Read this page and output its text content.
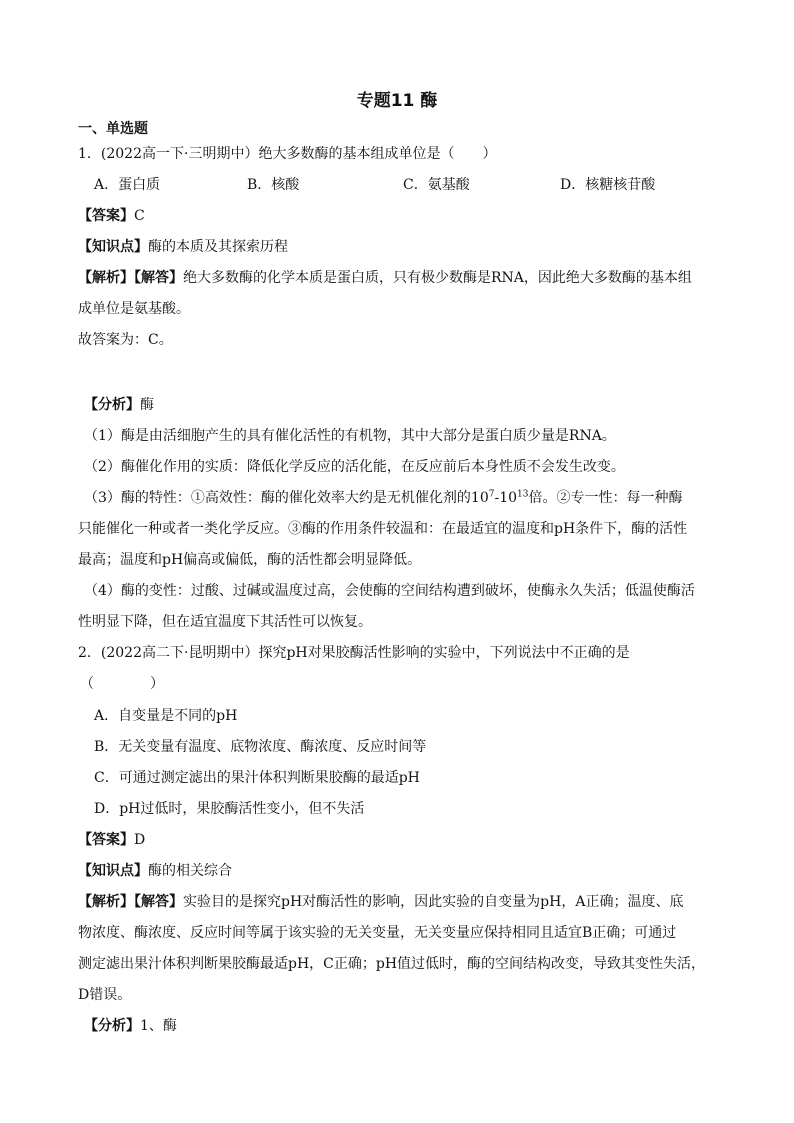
专题11 酶
一、单选题
1．(2022高一下·三明期中）绝大多数酶的基本组成单位是（　　）
A．蛋白质	B．核酸	C．氨基酸	D．核糖核苷酸
【答案】C
【知识点】酶的本质及其探索历程
【解析】【解答】绝大多数酶的化学本质是蛋白质，只有极少数酶是RNA，因此绝大多数酶的基本组
成单位是氨基酸。
故答案为：C。
【分析】酶
（1）酶是由活细胞产生的具有催化活性的有机物，其中大部分是蛋白质少量是RNA。
（2）酶催化作用的实质：降低化学反应的活化能，在反应前后本身性质不会发生改变。
（3）酶的特性：①高效性：酶的催化效率大约是无机催化剂的$10^7-10^{13}$倍。②专一性：每一种酶
只能催化一种或者一类化学反应。③酶的作用条件较温和：在最适宜的温度和pH条件下，酶的活性
最高；温度和pH偏高或偏低，酶的活性都会明显降低。
（4）酶的变性：过酸、过碱或温度过高，会使酶的空间结构遭到破坏，使酶永久失活；低温使酶活
性明显下降，但在适宜温度下其活性可以恢复。
2．(2022高二下·昆明期中）探究pH对果胶酶活性影响的实验中，下列说法中不正确的是
（　　　　）
A．自变量是不同的pH
B．无关变量有温度、底物浓度、酶浓度、反应时间等
C．可通过测定滤出的果汁体积判断果胶酶的最适pH
D．pH过低时，果胶酶活性变小，但不失活
【答案】D
【知识点】酶的相关综合
【解析】【解答】实验目的是探究pH对酶活性的影响，因此实验的自变量为pH，A正确；温度、底
物浓度、酶浓度、反应时间等属于该实验的无关变量，无关变量应保持相同且适宜B正确；可通过
测定滤出果汁体积判断果胶酶最适pH，C正确；pH值过低时，酶的空间结构改变，导致其变性失活，
D错误。
【分析】1、酶
